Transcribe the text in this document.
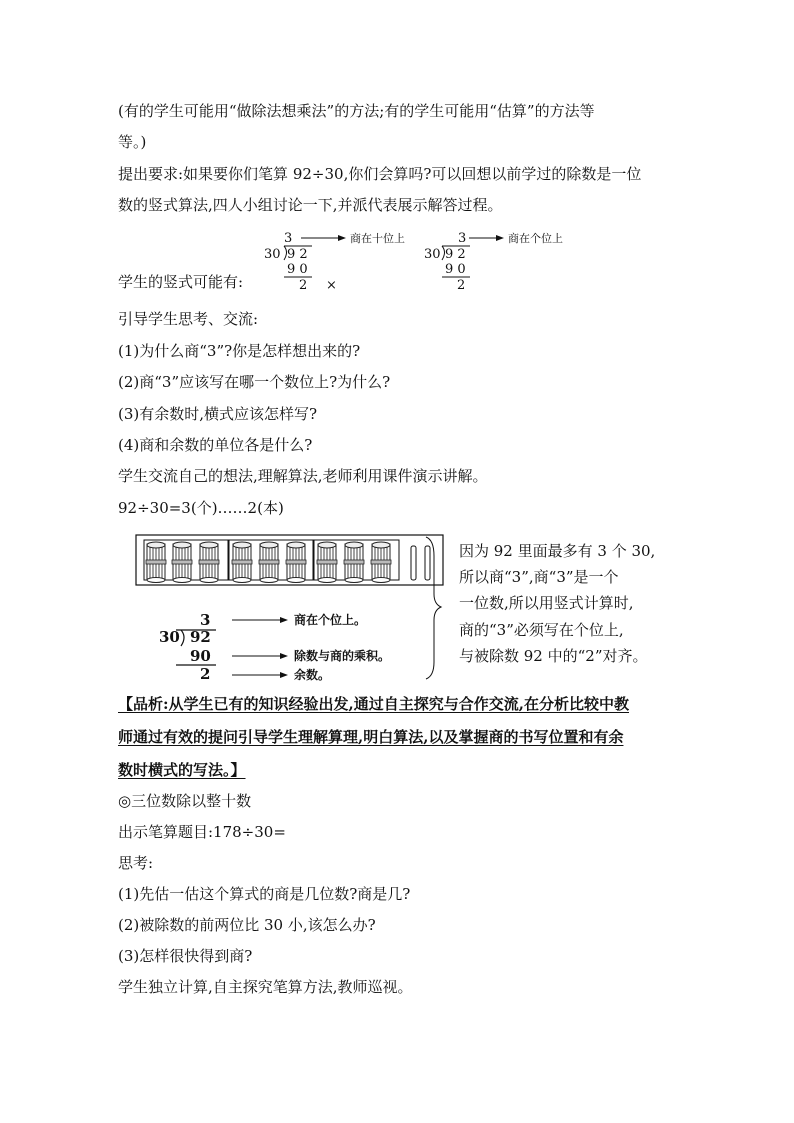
(有的学生可能用“做除法想乘法”的方法;有的学生可能用“估算”的方法等
等。)
提出要求:如果要你们笔算 92÷30,你们会算吗?可以回想以前学过的除数是一位
数的竖式算法,四人小组讨论一下,并派代表展示解答过程。
学生的竖式可能有:
3	商在十位上
30 9 2
9 0
2 ×
3	商在个位上
30 9 2
9 0
2
引导学生思考、交流:
(1)为什么商“3”?你是怎样想出来的?
(2)商“3”应该写在哪一个数位上?为什么?
(3)有余数时,横式应该怎样写?
(4)商和余数的单位各是什么?
学生交流自己的想法,理解算法,老师利用课件演示讲解。
92÷30=3(个)……2(本)
3
30 92
90
2
商在个位上。
除数与商的乘积。
余数。
因为 92 里面最多有 3 个 30,
所以商“3”,商“3”是一个
一位数,所以用竖式计算时,
商的“3”必须写在个位上,
与被除数 92 中的“2”对齐。
【品析:从学生已有的知识经验出发,通过自主探究与合作交流,在分析比较中教
师通过有效的提问引导学生理解算理,明白算法,以及掌握商的书写位置和有余
数时横式的写法。】
◎三位数除以整十数
出示笔算题目:178÷30=
思考:
(1)先估一估这个算式的商是几位数?商是几?
(2)被除数的前两位比 30 小,该怎么办?
(3)怎样很快得到商?
学生独立计算,自主探究笔算方法,教师巡视。
